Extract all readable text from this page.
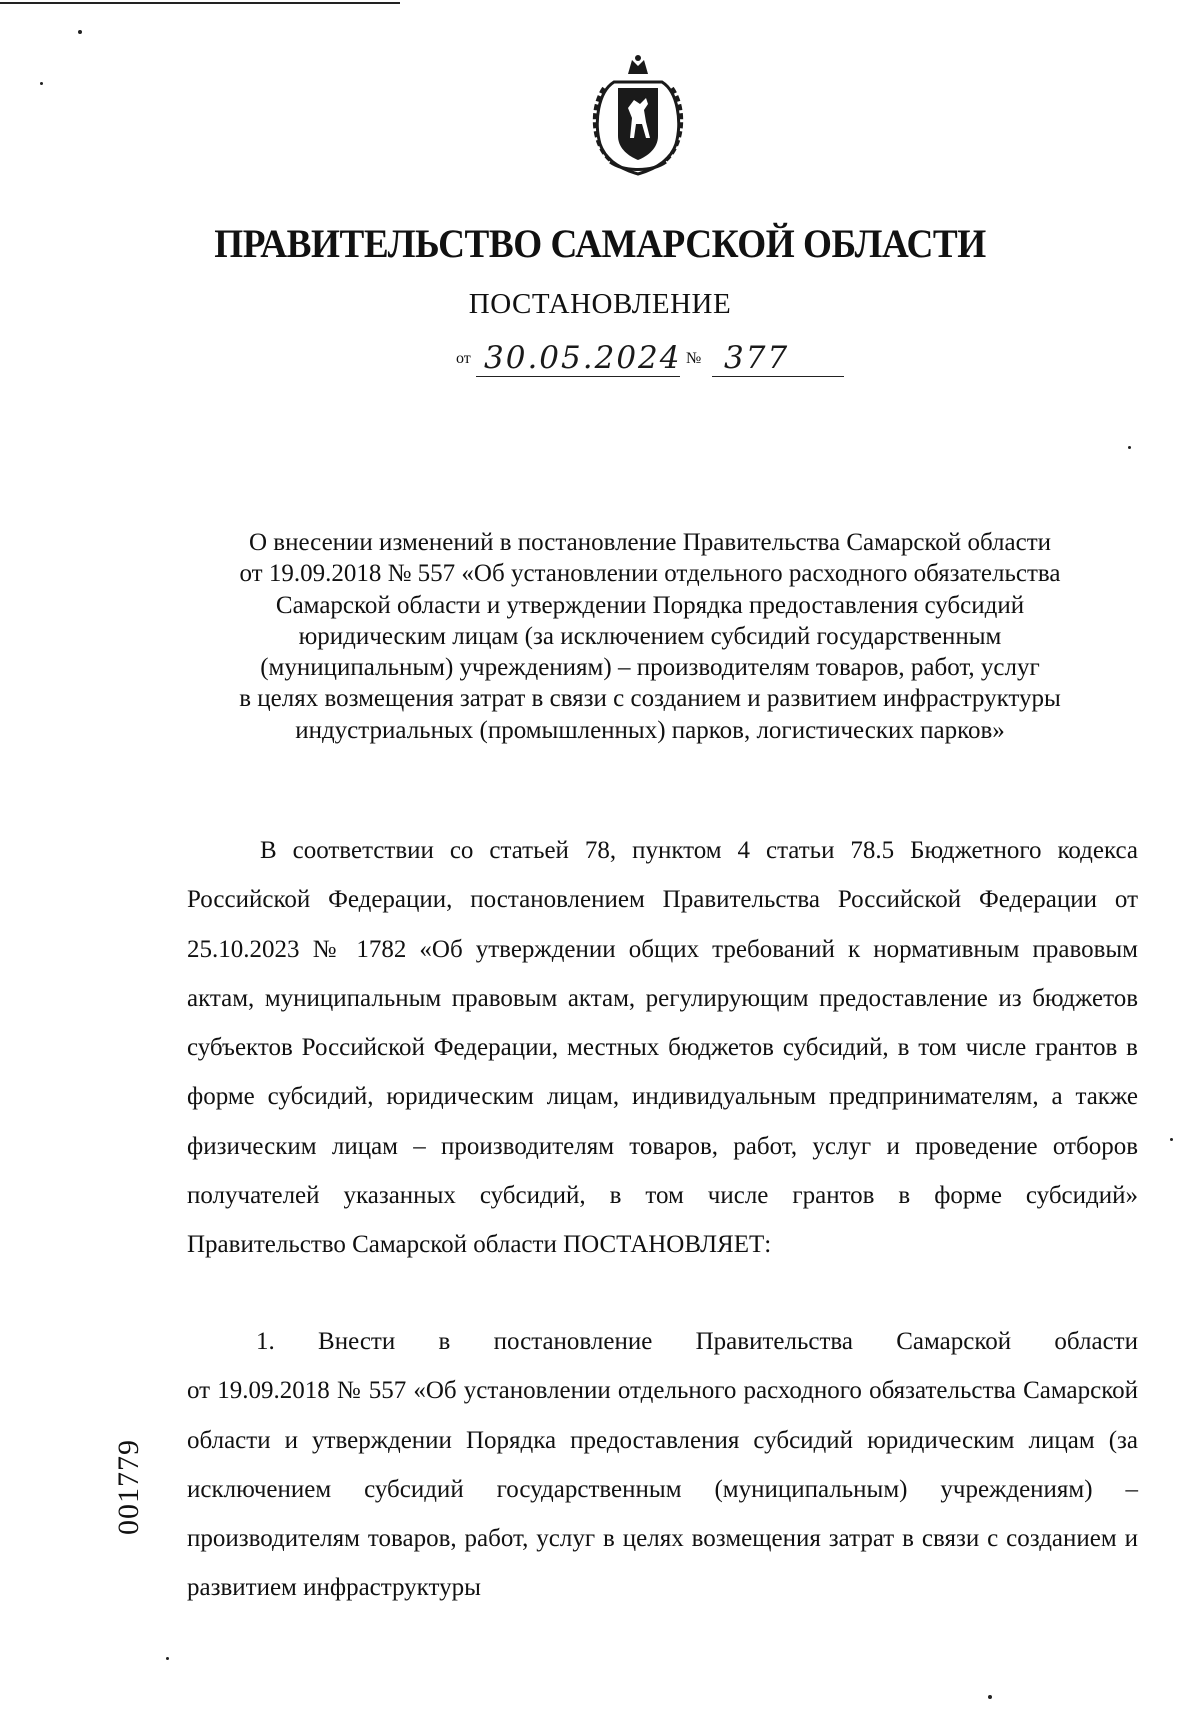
ПРАВИТЕЛЬСТВО САМАРСКОЙ ОБЛАСТИ
ПОСТАНОВЛЕНИЕ
от 30.05.2024 № 377
О внесении изменений в постановление Правительства Самарской области
от 19.09.2018 № 557 «Об установлении отдельного расходного обязательства
Самарской области и утверждении Порядка предоставления субсидий
юридическим лицам (за исключением субсидий государственным
(муниципальным) учреждениям) – производителям товаров, работ, услуг
в целях возмещения затрат в связи с созданием и развитием инфраструктуры
индустриальных (промышленных) парков, логистических парков»
В соответствии со статьей 78, пунктом 4 статьи 78.5 Бюджетного кодекса Российской Федерации, постановлением Правительства Российской Федерации от 25.10.2023 № 1782 «Об утверждении общих требований к нормативным правовым актам, муниципальным правовым актам, регулирующим предоставление из бюджетов субъектов Российской Федерации, местных бюджетов субсидий, в том числе грантов в форме субсидий, юридическим лицам, индивидуальным предпринимателям, а также физическим лицам – производителям товаров, работ, услуг и проведение отборов получателей указанных субсидий, в том числе грантов в форме субсидий» Правительство Самарской области ПОСТАНОВЛЯЕТ:
1. Внести в постановление Правительства Самарской области
от 19.09.2018 № 557 «Об установлении отдельного расходного обязательства Самарской области и утверждении Порядка предоставления субсидий юридическим лицам (за исключением субсидий государственным (муниципальным) учреждениям) – производителям товаров, работ, услуг в целях возмещения затрат в связи с созданием и развитием инфраструктуры
001779
